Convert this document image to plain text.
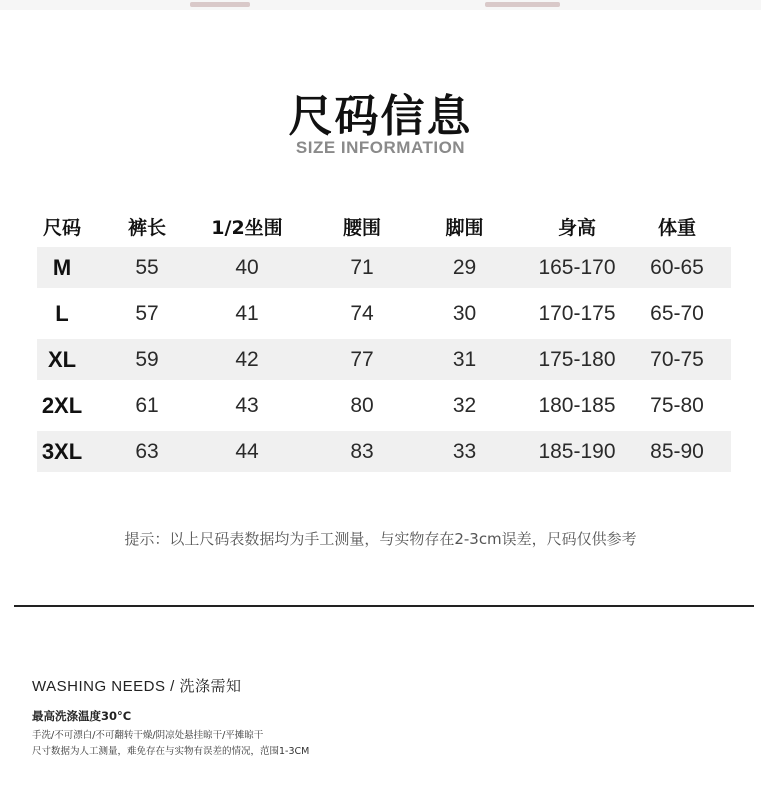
尺码信息
SIZE INFORMATION
尺码	裤长	1/2坐围	腰围	脚围	身高	体重
M	55	40	71	29	165-170	60-65
L	57	41	74	30	170-175	65-70
XL	59	42	77	31	175-180	70-75
2XL	61	43	80	32	180-185	75-80
3XL	63	44	83	33	185-190	85-90
提示：以上尺码表数据均为手工测量，与实物存在2-3cm误差，尺码仅供参考
WASHING NEEDS / 洗涤需知
最高洗涤温度30°C
手洗/不可漂白/不可翻转干燥/阴凉处悬挂晾干/平摊晾干
尺寸数据为人工测量，难免存在与实物有误差的情况，范围1-3CM
